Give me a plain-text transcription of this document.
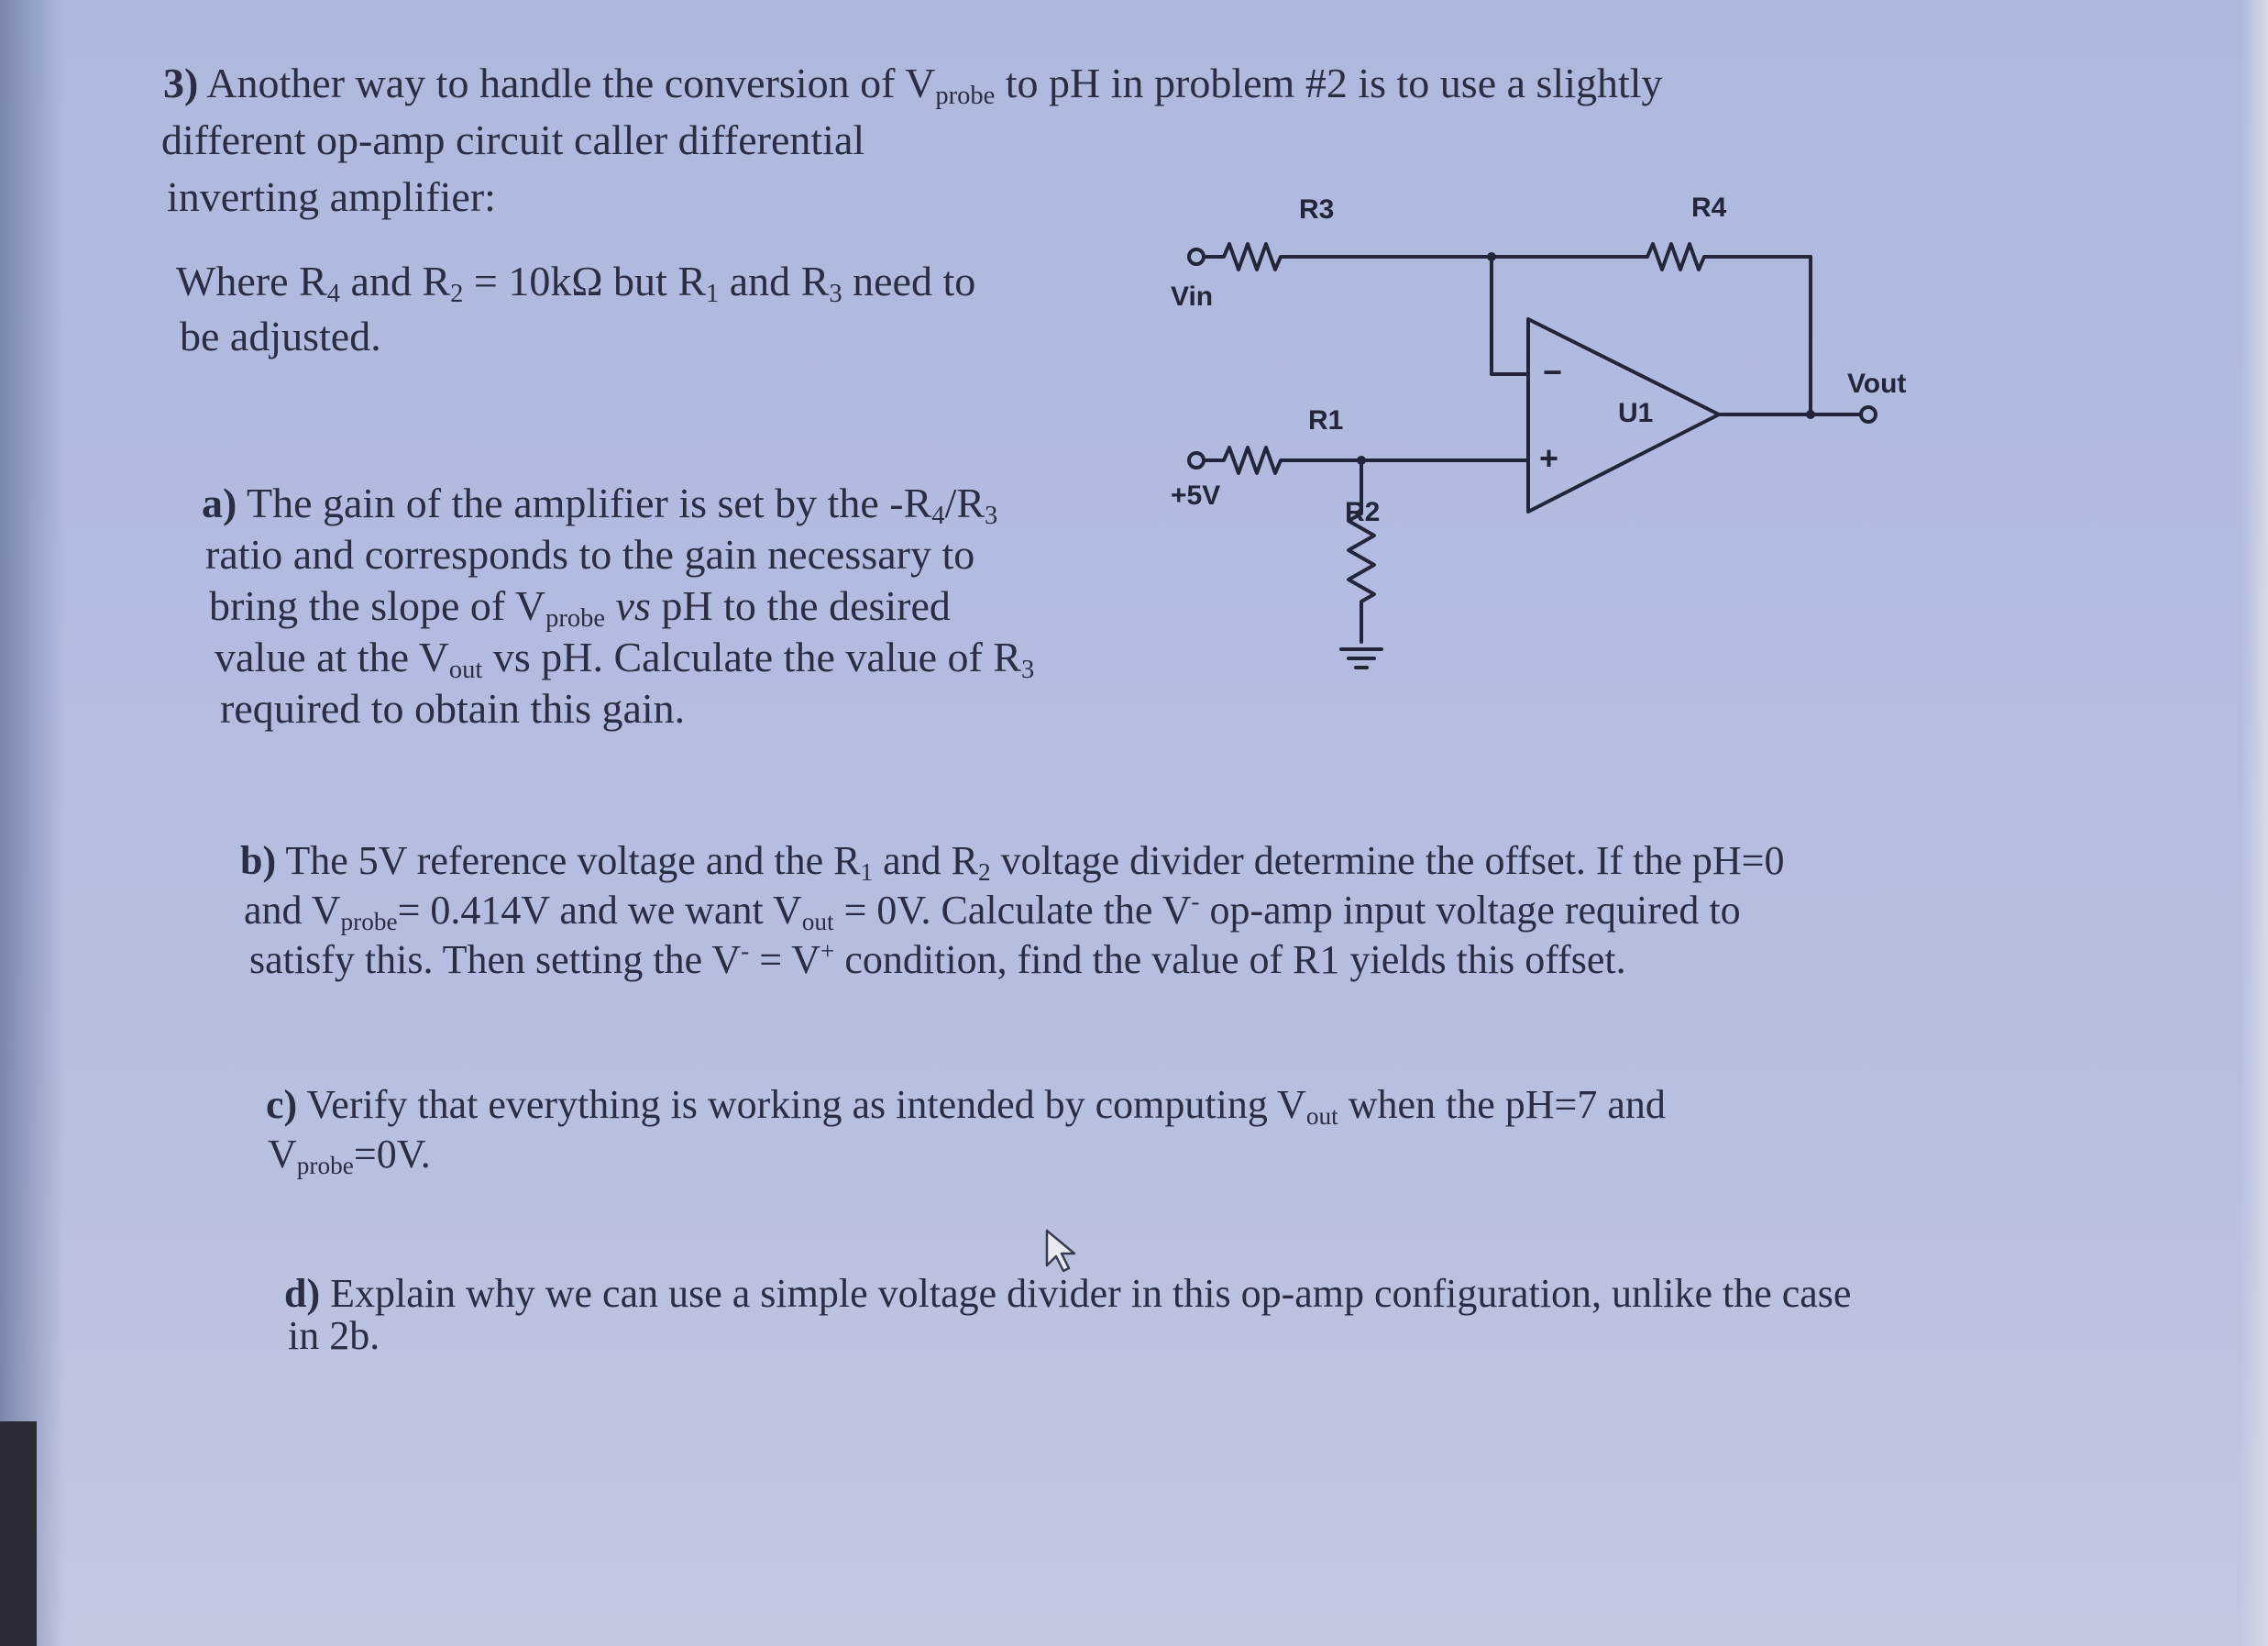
3) Another way to handle the conversion of $V_{probe}$ to pH in problem #2 is to use a slightly
different op-amp circuit caller differential
inverting amplifier:
Where $R_4$ and $R_2 = 10k\Omega$ but $R_1$ and $R_3$ need to
be adjusted.
a) The gain of the amplifier is set by the $-R_4/R_3$
ratio and corresponds to the gain necessary to
bring the slope of $V_{probe}$ vs pH to the desired
value at the $V_{out}$ vs pH. Calculate the value of $R_3$
required to obtain this gain.
R3	R4
Vin
Vout
R1	U1
+5V
R2
−
+
b) The 5V reference voltage and the $R_1$ and $R_2$ voltage divider determine the offset. If the pH=0
and $V_{probe}= 0.414V$ and we want $V_{out} = 0V$. Calculate the V- op-amp input voltage required to
satisfy this. Then setting the V- = V+ condition, find the value of R1 yields this offset.
c) Verify that everything is working as intended by computing $V_{out}$ when the pH=7 and
$V_{probe}=0V$.
d) Explain why we can use a simple voltage divider in this op-amp configuration, unlike the case
in 2b.
